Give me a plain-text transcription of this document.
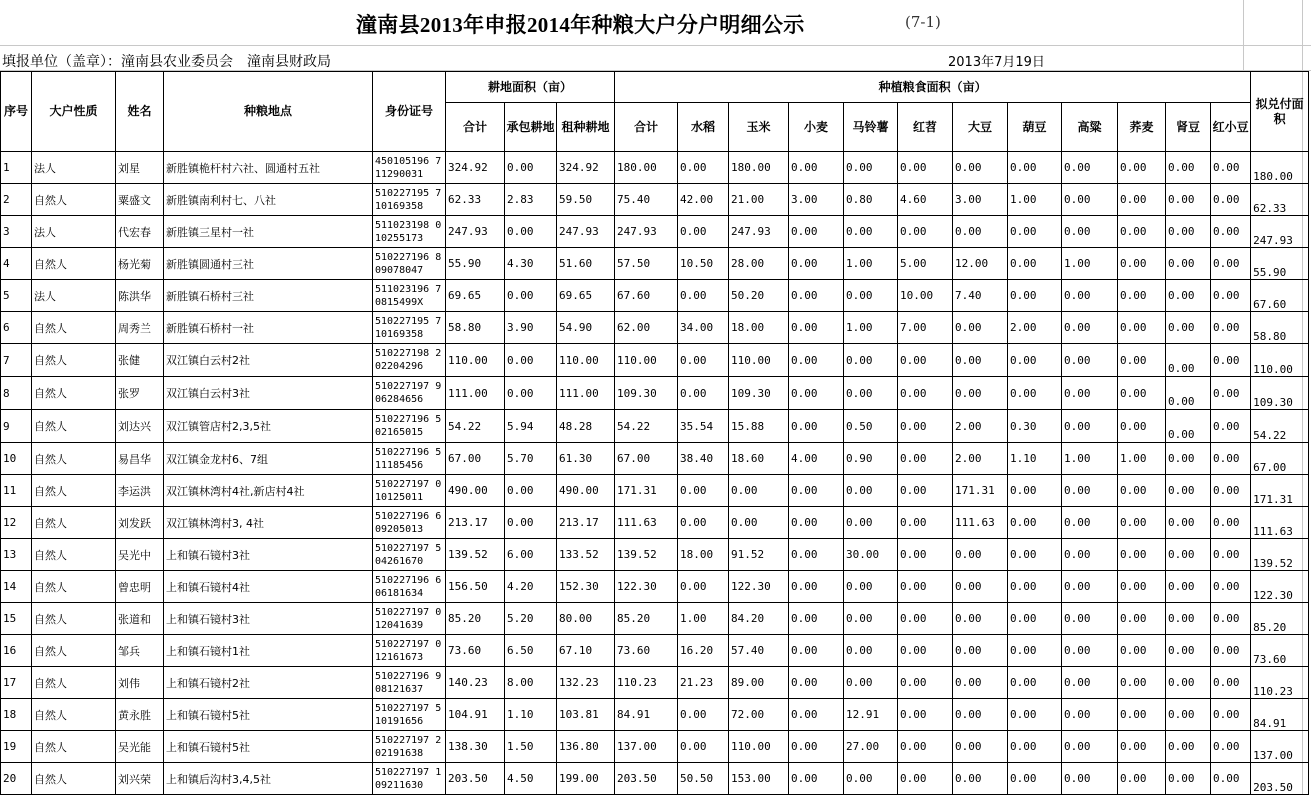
潼南县2013年申报2014年种粮大户分户明细公示	(7-1)
填报单位（盖章）：潼南县农业委员会　潼南县财政局	2013年7月19日
序号	大户性质	姓名	种粮地点	身份证号	耕地面积（亩）			种植粮食面积（亩）												拟兑付面积
					合计	承包耕地	租种耕地	合计	水稻	玉米	小麦	马铃薯	红苕	大豆	葫豆	高粱	荞麦	肾豆	红小豆	
1	法人	刘星	新胜镇桅杆村六社、圆通村五社	450105196 711290031	324.92	0.00	324.92	180.00	0.00	180.00	0.00	0.00	0.00	0.00	0.00	0.00	0.00	0.00	0.00	180.00
2	自然人	粟盛文	新胜镇南利村七、八社	510227195 710169358	62.33	2.83	59.50	75.40	42.00	21.00	3.00	0.80	4.60	3.00	1.00	0.00	0.00	0.00	0.00	62.33
3	法人	代宏春	新胜镇三星村一社	511023198 010255173	247.93	0.00	247.93	247.93	0.00	247.93	0.00	0.00	0.00	0.00	0.00	0.00	0.00	0.00	0.00	247.93
4	自然人	杨光菊	新胜镇圆通村三社	510227196 809078047	55.90	4.30	51.60	57.50	10.50	28.00	0.00	1.00	5.00	12.00	0.00	1.00	0.00	0.00	0.00	55.90
5	法人	陈洪华	新胜镇石桥村三社	511023196 70815499X	69.65	0.00	69.65	67.60	0.00	50.20	0.00	0.00	10.00	7.40	0.00	0.00	0.00	0.00	0.00	67.60
6	自然人	周秀兰	新胜镇石桥村一社	510227195 710169358	58.80	3.90	54.90	62.00	34.00	18.00	0.00	1.00	7.00	0.00	2.00	0.00	0.00	0.00	0.00	58.80
7	自然人	张健	双江镇白云村2社	510227198 202204296	110.00	0.00	110.00	110.00	0.00	110.00	0.00	0.00	0.00	0.00	0.00	0.00	0.00	0.00	0.00	110.00
8	自然人	张罗	双江镇白云村3社	510227197 906284656	111.00	0.00	111.00	109.30	0.00	109.30	0.00	0.00	0.00	0.00	0.00	0.00	0.00	0.00	0.00	109.30
9	自然人	刘达兴	双江镇管店村2,3,5社	510227196 502165015	54.22	5.94	48.28	54.22	35.54	15.88	0.00	0.50	0.00	2.00	0.30	0.00	0.00	0.00	0.00	54.22
10	自然人	易昌华	双江镇金龙村6、7组	510227196 511185456	67.00	5.70	61.30	67.00	38.40	18.60	4.00	0.90	0.00	2.00	1.10	1.00	1.00	0.00	0.00	67.00
11	自然人	李运洪	双江镇林湾村4社,新店村4社	510227197 010125011	490.00	0.00	490.00	171.31	0.00	0.00	0.00	0.00	0.00	171.31	0.00	0.00	0.00	0.00	0.00	171.31
12	自然人	刘发跃	双江镇林湾村3, 4社	510227196 609205013	213.17	0.00	213.17	111.63	0.00	0.00	0.00	0.00	0.00	111.63	0.00	0.00	0.00	0.00	0.00	111.63
13	自然人	吴光中	上和镇石镜村3社	510227197 504261670	139.52	6.00	133.52	139.52	18.00	91.52	0.00	30.00	0.00	0.00	0.00	0.00	0.00	0.00	0.00	139.52
14	自然人	曾忠明	上和镇石镜村4社	510227196 606181634	156.50	4.20	152.30	122.30	0.00	122.30	0.00	0.00	0.00	0.00	0.00	0.00	0.00	0.00	0.00	122.30
15	自然人	张道和	上和镇石镜村3社	510227197 012041639	85.20	5.20	80.00	85.20	1.00	84.20	0.00	0.00	0.00	0.00	0.00	0.00	0.00	0.00	0.00	85.20
16	自然人	邹兵	上和镇石镜村1社	510227197 012161673	73.60	6.50	67.10	73.60	16.20	57.40	0.00	0.00	0.00	0.00	0.00	0.00	0.00	0.00	0.00	73.60
17	自然人	刘伟	上和镇石镜村2社	510227196 908121637	140.23	8.00	132.23	110.23	21.23	89.00	0.00	0.00	0.00	0.00	0.00	0.00	0.00	0.00	0.00	110.23
18	自然人	黄永胜	上和镇石镜村5社	510227197 510191656	104.91	1.10	103.81	84.91	0.00	72.00	0.00	12.91	0.00	0.00	0.00	0.00	0.00	0.00	0.00	84.91
19	自然人	吴光能	上和镇石镜村5社	510227197 202191638	138.30	1.50	136.80	137.00	0.00	110.00	0.00	27.00	0.00	0.00	0.00	0.00	0.00	0.00	0.00	137.00
20	自然人	刘兴荣	上和镇后沟村3,4,5社	510227197 109211630	203.50	4.50	199.00	203.50	50.50	153.00	0.00	0.00	0.00	0.00	0.00	0.00	0.00	0.00	0.00	203.50
